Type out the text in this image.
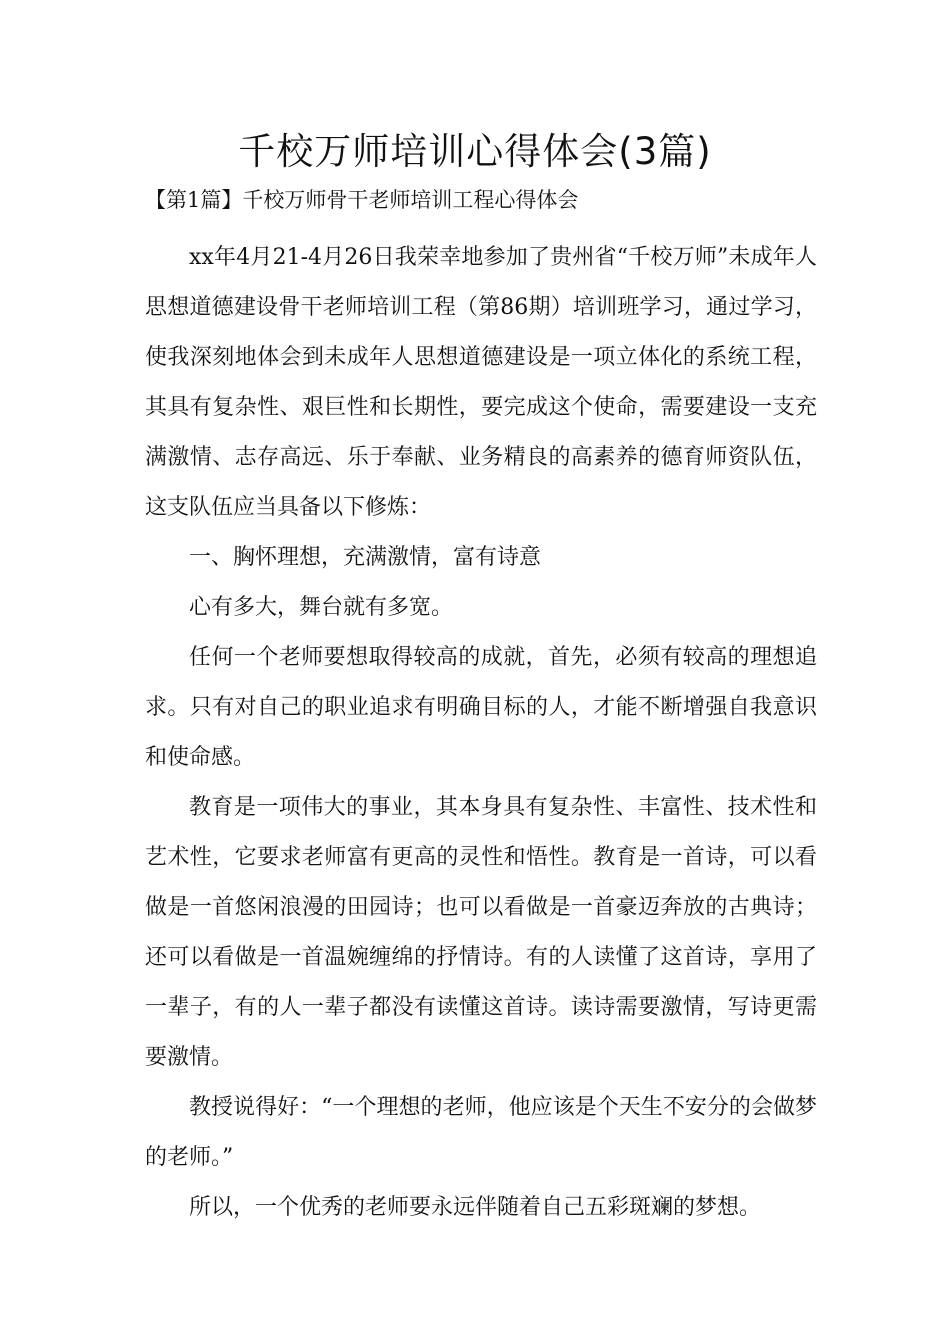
千校万师培训心得体会(3篇)
【第1篇】千校万师骨干老师培训工程心得体会

xx年4月21-4月26日我荣幸地参加了贵州省“千校万师”未成年人思想道德建设骨干老师培训工程（第86期）培训班学习，通过学习，使我深刻地体会到未成年人思想道德建设是一项立体化的系统工程，其具有复杂性、艰巨性和长期性，要完成这个使命，需要建设一支充满激情、志存高远、乐于奉献、业务精良的高素养的德育师资队伍，这支队伍应当具备以下修炼：

一、胸怀理想，充满激情，富有诗意

心有多大，舞台就有多宽。

任何一个老师要想取得较高的成就，首先，必须有较高的理想追求。只有对自己的职业追求有明确目标的人，才能不断增强自我意识和使命感。

教育是一项伟大的事业，其本身具有复杂性、丰富性、技术性和艺术性，它要求老师富有更高的灵性和悟性。教育是一首诗，可以看做是一首悠闲浪漫的田园诗；也可以看做是一首豪迈奔放的古典诗；还可以看做是一首温婉缠绵的抒情诗。有的人读懂了这首诗，享用了一辈子，有的人一辈子都没有读懂这首诗。读诗需要激情，写诗更需要激情。

教授说得好：“一个理想的老师，他应该是个天生不安分的会做梦的老师。”

所以，一个优秀的老师要永远伴随着自己五彩斑斓的梦想。
